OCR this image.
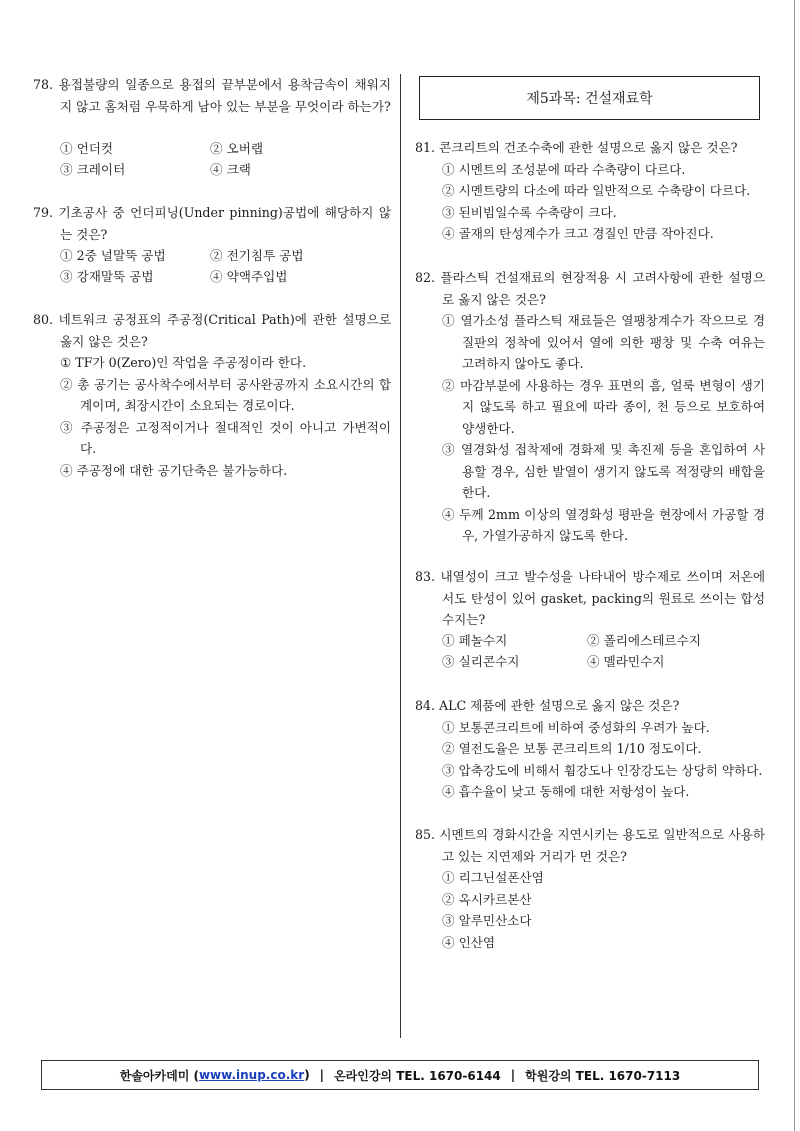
78. 용접불량의 일종으로 용접의 끝부분에서 용착금속이 채워지지 않고 홈처럼 우묵하게 남아 있는 부분을 무엇이라 하는가?
① 언더컷	② 오버랩
③ 크레이터	④ 크랙
79. 기초공사 중 언더피닝(Under pinning)공법에 해당하지 않는 것은?
① 2중 널말뚝 공법	② 전기침투 공법
③ 강재말뚝 공법	④ 약액주입법
80. 네트워크 공정표의 주공정(Critical Path)에 관한 설명으로 옳지 않은 것은?
① TF가 0(Zero)인 작업을 주공정이라 한다.
② 총 공기는 공사착수에서부터 공사완공까지 소요시간의 합계이며, 최장시간이 소요되는 경로이다.
③ 주공정은 고정적이거나 절대적인 것이 아니고 가변적이다.
④ 주공정에 대한 공기단축은 불가능하다.
제5과목: 건설재료학
81. 콘크리트의 건조수축에 관한 설명으로 옳지 않은 것은?
① 시멘트의 조성분에 따라 수축량이 다르다.
② 시멘트량의 다소에 따라 일반적으로 수축량이 다르다.
③ 된비빔일수록 수축량이 크다.
④ 골재의 탄성계수가 크고 경질인 만큼 작아진다.
82. 플라스틱 건설재료의 현장적용 시 고려사항에 관한 설명으로 옳지 않은 것은?
① 열가소성 플라스틱 재료들은 열팽창계수가 작으므로 경질판의 정착에 있어서 열에 의한 팽창 및 수축 여유는 고려하지 않아도 좋다.
② 마감부분에 사용하는 경우 표면의 흠, 얼룩 변형이 생기지 않도록 하고 필요에 따라 종이, 천 등으로 보호하여 양생한다.
③ 열경화성 접착제에 경화제 및 촉진제 등을 혼입하여 사용할 경우, 심한 발열이 생기지 않도록 적정량의 배합을 한다.
④ 두께 2mm 이상의 열경화성 평판을 현장에서 가공할 경우, 가열가공하지 않도록 한다.
83. 내열성이 크고 발수성을 나타내어 방수제로 쓰이며 저온에서도 탄성이 있어 gasket, packing의 원료로 쓰이는 합성수지는?
① 페놀수지	② 폴리에스테르수지
③ 실리콘수지	④ 멜라민수지
84. ALC 제품에 관한 설명으로 옳지 않은 것은?
① 보통콘크리트에 비하여 중성화의 우려가 높다.
② 열전도율은 보통 콘크리트의 1/10 정도이다.
③ 압축강도에 비해서 휨강도나 인장강도는 상당히 약하다.
④ 흡수율이 낮고 동해에 대한 저항성이 높다.
85. 시멘트의 경화시간을 지연시키는 용도로 일반적으로 사용하고 있는 지연제와 거리가 먼 것은?
① 리그닌설폰산염
② 옥시카르본산
③ 알루민산소다
④ 인산염
한솔아카데미 ( www.inup.co.kr ) | 온라인강의 TEL. 1670-6144 | 학원강의 TEL. 1670-7113
